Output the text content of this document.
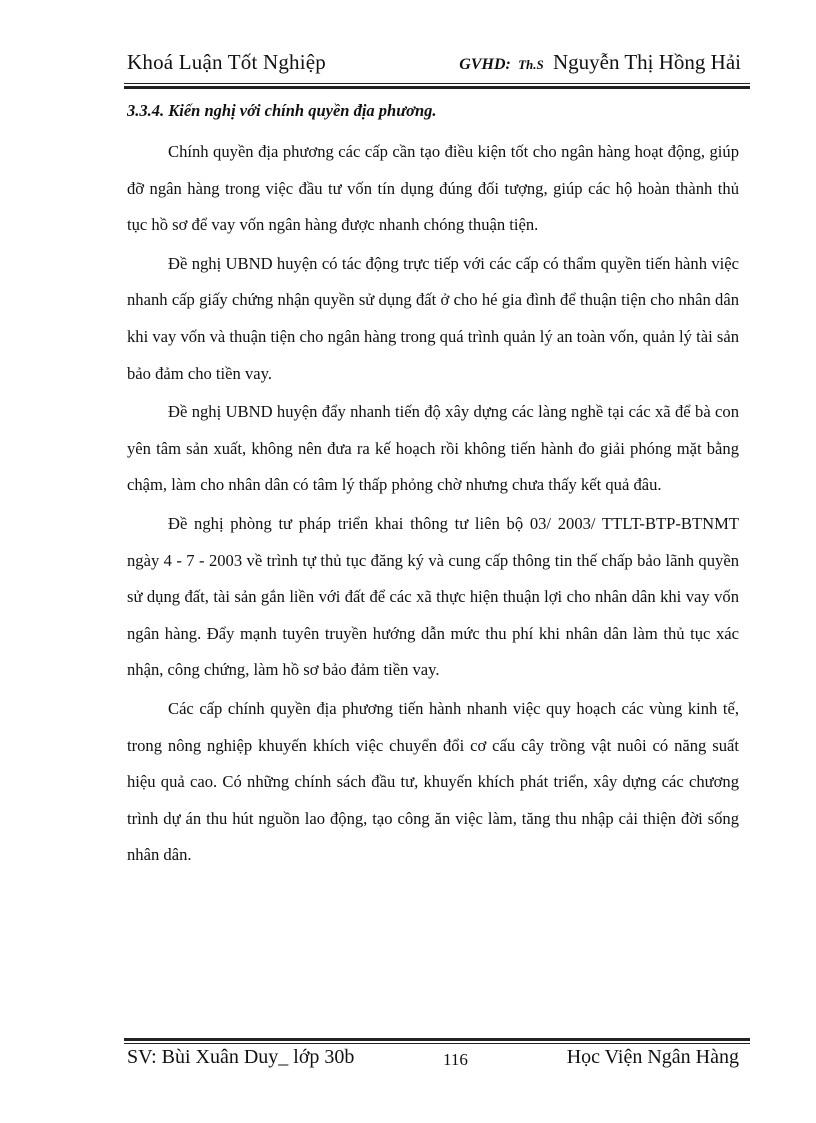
Khoá Luận Tốt Nghiệp	GVHD: Th.S Nguyễn Thị Hồng Hải
3.3.4. Kiến nghị với chính quyền địa phương.

Chính quyền địa phương các cấp cần tạo điều kiện tốt cho ngân hàng hoạt động, giúp đỡ ngân hàng trong việc đầu tư vốn tín dụng đúng đối tượng, giúp các hộ hoàn thành thủ tục hồ sơ để vay vốn ngân hàng được nhanh chóng thuận tiện.

Đề nghị UBND huyện có tác động trực tiếp với các cấp có thẩm quyền tiến hành việc nhanh cấp giấy chứng nhận quyền sử dụng đất ở cho hé gia đình để thuận tiện cho nhân dân khi vay vốn và thuận tiện cho ngân hàng trong quá trình quản lý an toàn vốn, quản lý tài sản bảo đảm cho tiền vay.

Đề nghị UBND huyện đẩy nhanh tiến độ xây dựng các làng nghề tại các xã để bà con yên tâm sản xuất, không nên đưa ra kế hoạch rồi không tiến hành đo giải phóng mặt bằng chậm, làm cho nhân dân có tâm lý thấp phỏng chờ nhưng chưa thấy kết quả đâu.

Đề nghị phòng tư pháp triển khai thông tư liên bộ 03/ 2003/ TTLT-BTP-BTNMT ngày 4 - 7 - 2003 về trình tự thủ tục đăng ký và cung cấp thông tin thế chấp bảo lãnh quyền sử dụng đất, tài sản gắn liền với đất để các xã thực hiện thuận lợi cho nhân dân khi vay vốn ngân hàng. Đẩy mạnh tuyên truyền hướng dẫn mức thu phí khi nhân dân làm thủ tục xác nhận, công chứng, làm hồ sơ bảo đảm tiền vay.

Các cấp chính quyền địa phương tiến hành nhanh việc quy hoạch các vùng kinh tế, trong nông nghiệp khuyến khích việc chuyển đổi cơ cấu cây trồng vật nuôi có năng suất hiệu quả cao. Có những chính sách đầu tư, khuyến khích phát triển, xây dựng các chương trình dự án thu hút nguồn lao động, tạo công ăn việc làm, tăng thu nhập cải thiện đời sống nhân dân.

SV: Bùi Xuân Duy_ lớp 30b	116	Học Viện Ngân Hàng
